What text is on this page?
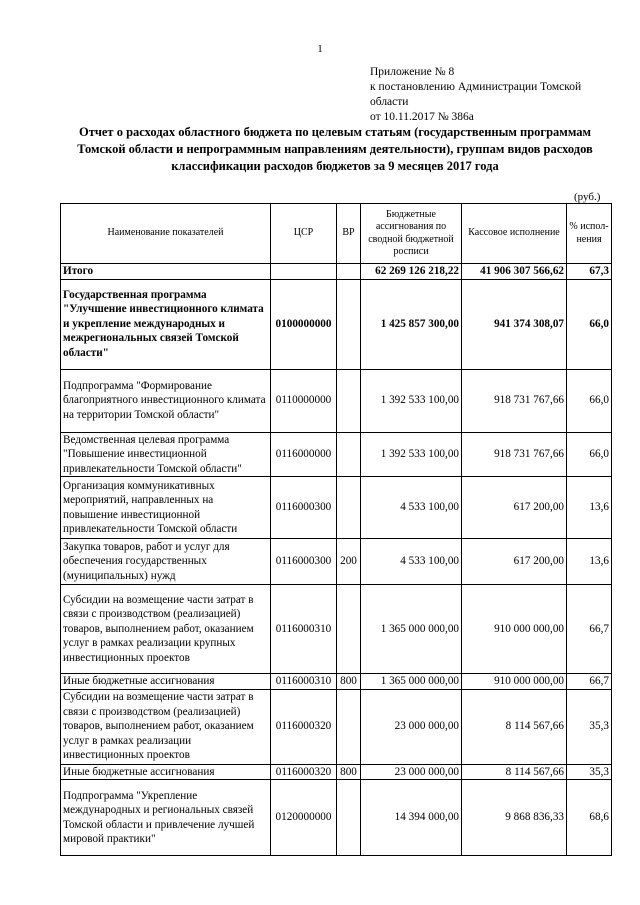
1
Приложение № 8
к постановлению Администрации Томской
области
от 10.11.2017 № 386а
Отчет о расходах областного бюджета по целевым статьям (государственным программам Томской области и непрограммным направлениям деятельности), группам видов расходов классификации расходов бюджетов за 9 месяцев 2017 года
(руб.)
Наименование показателей	ЦСР	ВР	Бюджетные ассигнования по сводной бюджетной росписи	Кассовое исполнение	% испол-нения
Итого			62 269 126 218,22	41 906 307 566,62	67,3
Государственная программа "Улучшение инвестиционного климата и укрепление международных и межрегиональных связей Томской области"	0100000000		1 425 857 300,00	941 374 308,07	66,0
Подпрограмма "Формирование благоприятного инвестиционного климата на территории Томской области"	0110000000		1 392 533 100,00	918 731 767,66	66,0
Ведомственная целевая программа "Повышение инвестиционной привлекательности Томской области"	0116000000		1 392 533 100,00	918 731 767,66	66,0
Организация коммуникативных мероприятий, направленных на повышение инвестиционной привлекательности Томской области	0116000300		4 533 100,00	617 200,00	13,6
Закупка товаров, работ и услуг для обеспечения государственных (муниципальных) нужд	0116000300	200	4 533 100,00	617 200,00	13,6
Субсидии на возмещение части затрат в связи с производством (реализацией) товаров, выполнением работ, оказанием услуг в рамках реализации крупных инвестиционных проектов	0116000310		1 365 000 000,00	910 000 000,00	66,7
Иные бюджетные ассигнования	0116000310	800	1 365 000 000,00	910 000 000,00	66,7
Субсидии на возмещение части затрат в связи с производством (реализацией) товаров, выполнением работ, оказанием услуг в рамках реализации инвестиционных проектов	0116000320		23 000 000,00	8 114 567,66	35,3
Иные бюджетные ассигнования	0116000320	800	23 000 000,00	8 114 567,66	35,3
Подпрограмма "Укрепление международных и региональных связей Томской области и привлечение лучшей мировой практики"	0120000000		14 394 000,00	9 868 836,33	68,6
